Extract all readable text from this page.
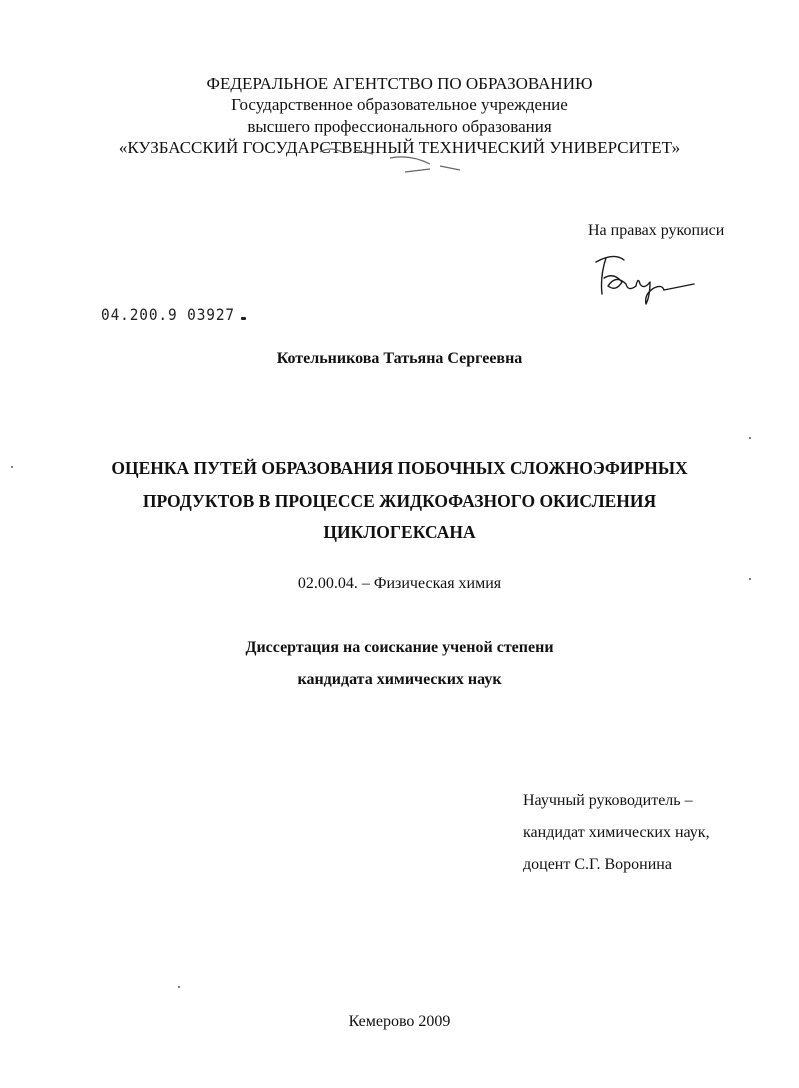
ФЕДЕРАЛЬНОЕ АГЕНТСТВО ПО ОБРАЗОВАНИЮ
Государственное образовательное учреждение
высшего профессионального образования
«КУЗБАССКИЙ ГОСУДАРСТВЕННЫЙ ТЕХНИЧЕСКИЙ УНИВЕРСИТЕТ»
На правах рукописи
04.200.9 03927
Котельникова Татьяна Сергеевна
ОЦЕНКА ПУТЕЙ ОБРАЗОВАНИЯ ПОБОЧНЫХ СЛОЖНОЭФИРНЫХ
ПРОДУКТОВ В ПРОЦЕССЕ ЖИДКОФАЗНОГО ОКИСЛЕНИЯ
ЦИКЛОГЕКСАНА
02.00.04. – Физическая химия
Диссертация на соискание ученой степени
кандидата химических наук
Научный руководитель –
кандидат химических наук,
доцент С.Г. Воронина
Кемерово 2009
